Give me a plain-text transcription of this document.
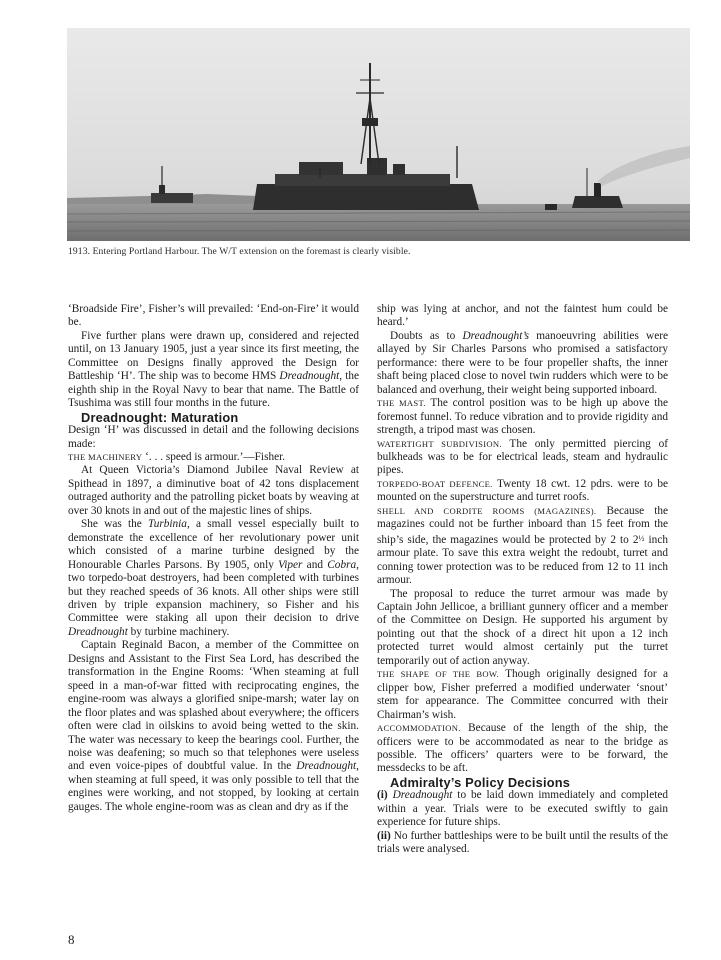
1913. Entering Portland Harbour. The W/T extension on the foremast is clearly visible.

‘Broadside Fire’, Fisher’s will prevailed: ‘End-on-Fire’ it would be.

Five further plans were drawn up, considered and rejected until, on 13 January 1905, just a year since its first meeting, the Committee on Designs finally approved the Design for Battleship ‘H’. The ship was to become HMS Dreadnought, the eighth ship in the Royal Navy to bear that name. The Battle of Tsushima was still four months in the future.

Dreadnought: Maturation

Design ‘H’ was discussed in detail and the following decisions made:

THE MACHINERY ‘. . . speed is armour.’—Fisher.

At Queen Victoria’s Diamond Jubilee Naval Review at Spithead in 1897, a diminutive boat of 42 tons displacement outraged authority and the patrolling picket boats by weaving at over 30 knots in and out of the majestic lines of ships.

She was the Turbinia, a small vessel especially built to demonstrate the excellence of her revolutionary power unit which consisted of a marine turbine designed by the Honourable Charles Parsons. By 1905, only Viper and Cobra, two torpedo-boat destroyers, had been completed with turbines but they reached speeds of 36 knots. All other ships were still driven by triple expansion machinery, so Fisher and his Committee were staking all upon their decision to drive Dreadnought by turbine machinery.

Captain Reginald Bacon, a member of the Committee on Designs and Assistant to the First Sea Lord, has described the transformation in the Engine Rooms: ‘When steaming at full speed in a man-of-war fitted with reciprocating engines, the engine-room was always a glorified snipe-marsh; water lay on the floor plates and was splashed about everywhere; the officers often were clad in oilskins to avoid being wetted to the skin. The water was necessary to keep the bearings cool. Further, the noise was deafening; so much so that telephones were useless and even voice-pipes of doubtful value. In the Dreadnought, when steaming at full speed, it was only possible to tell that the engines were working, and not stopped, by looking at certain gauges. The whole engine-room was as clean and dry as if the

ship was lying at anchor, and not the faintest hum could be heard.’

Doubts as to Dreadnought’s manoeuvring abilities were allayed by Sir Charles Parsons who promised a satisfactory performance: there were to be four propeller shafts, the inner shaft being placed close to novel twin rudders which were to be balanced and overhung, their weight being supported inboard.

THE MAST. The control position was to be high up above the foremost funnel. To reduce vibration and to provide rigidity and strength, a tripod mast was chosen.

WATERTIGHT SUBDIVISION. The only permitted piercing of bulkheads was to be for electrical leads, steam and hydraulic pipes.

TORPEDO-BOAT DEFENCE. Twenty 18 cwt. 12 pdrs. were to be mounted on the superstructure and turret roofs.

SHELL AND CORDITE ROOMS (MAGAZINES). Because the magazines could not be further inboard than 15 feet from the ship’s side, the magazines would be protected by 2 to 2½ inch armour plate. To save this extra weight the redoubt, turret and conning tower protection was to be reduced from 12 to 11 inch armour.

The proposal to reduce the turret armour was made by Captain John Jellicoe, a brilliant gunnery officer and a member of the Committee on Design. He supported his argument by pointing out that the shock of a direct hit upon a 12 inch protected turret would almost certainly put the turret temporarily out of action anyway.

THE SHAPE OF THE BOW. Though originally designed for a clipper bow, Fisher preferred a modified underwater ‘snout’ stem for appearance. The Committee concurred with their Chairman’s wish.

ACCOMMODATION. Because of the length of the ship, the officers were to be accommodated as near to the bridge as possible. The officers’ quarters were to be forward, the messdecks to be aft.

Admiralty’s Policy Decisions

(i) Dreadnought to be laid down immediately and completed within a year. Trials were to be executed swiftly to gain experience for future ships.

(ii) No further battleships were to be built until the results of the trials were analysed.

8
